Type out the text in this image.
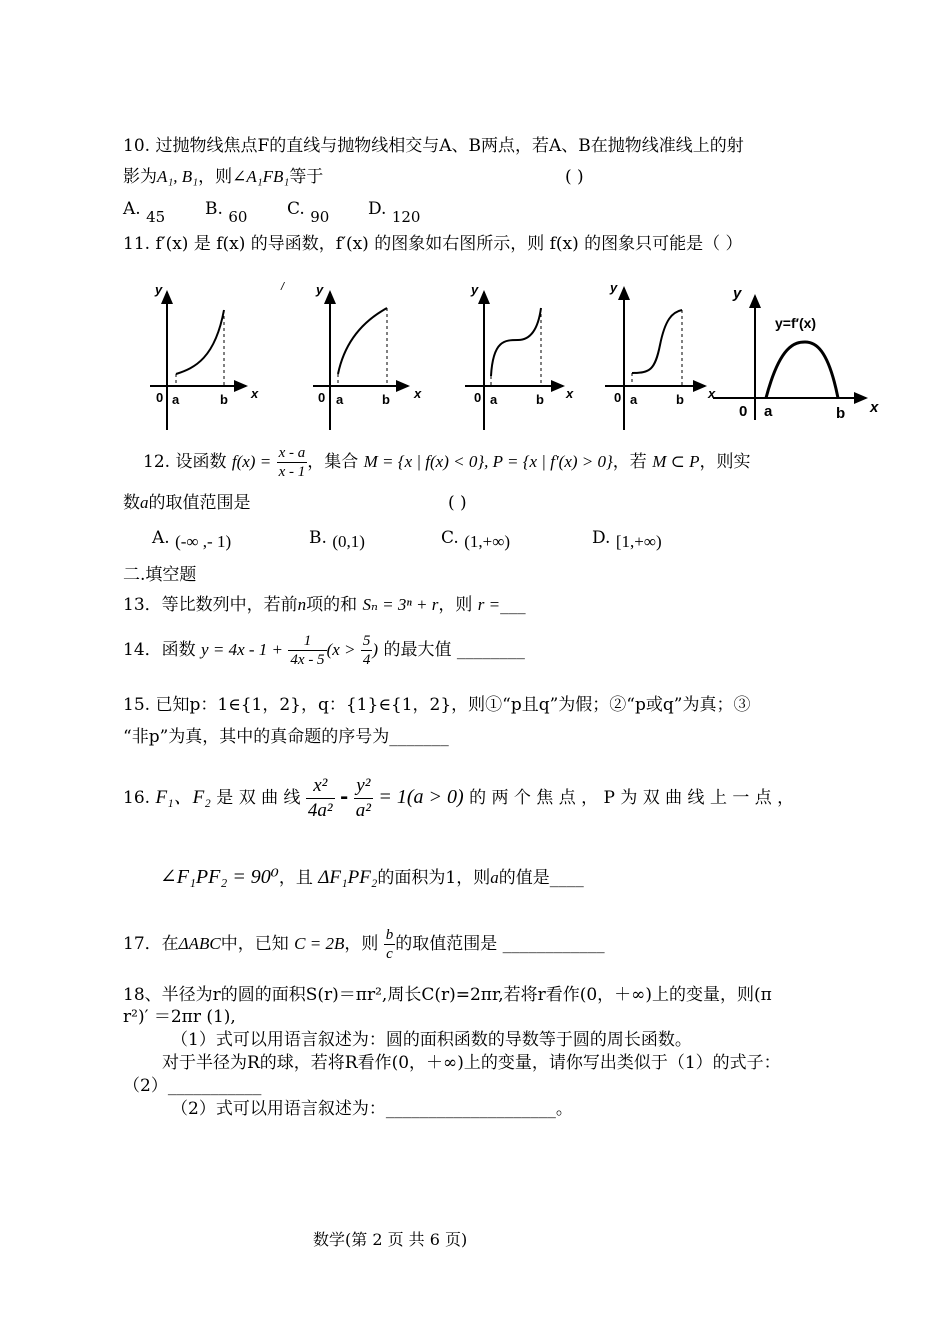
10. 过抛物线焦点F的直线与抛物线相交与A、B两点，若A、B在抛物线准线上的射
影为A₁, B₁，则∠A₁FB₁等于	( )
A. 45 B. 60 C. 90 D. 120
11. f′(x) 是 f(x) 的导函数，f′(x) 的图象如右图所示，则 f(x) 的图象只可能是（ ）
y
0 a	b x
/ y
0 a	b x
y
0 a	b x
y
0 a	b x
y
y=f′(x)
0 a	b x
12. 设函数 $f(x) = \frac{x - a}{x - 1}$ ，集合 M = {x | f(x) < 0}, P = {x | f′(x) > 0}，若 M ⊂ P，则实
数a的取值范围是	( )
A. (-∞ ,- 1)	B. (0,1)	C. (1,+∞)	D. [1,+∞)
二.填空题
13．等比数列中，若前n项的和 Sₙ = 3ⁿ + r，则 r =___
14．函数 $y = 4x - 1 + \frac{1}{4x - 5} (x > \frac{5}{4}$ ) 的最大值 ________
15. 已知p：1∈{1，2}，q：{1}∈{1，2}，则①“p且q”为假；②“p或q”为真；③
“非p”为真，其中的真命题的序号为_______
16. F₁、F₂ 是 双 曲 线 $\frac{\text{x²}}{\text{4a²}} - \frac{\text{y²}}{\text{a²}} = 1(a > 0)$ 的 两 个 焦 点 ， P 为 双 曲 线 上 一 点 ，
∠F₁PF₂ = 90⁰，且 ΔF₁PF₂的面积为1，则a的值是____
17．在ΔABC中，已知 C = 2B，则 $\frac{b}{c}$ 的取值范围是 ____________
18、半径为r的圆的面积S(r)＝πr²,周长C(r)=2πr,若将r看作(0，＋∞)上的变量，则(π
r²)′ ＝2πr (1),
（1）式可以用语言叙述为：圆的面积函数的导数等于圆的周长函数。
对于半径为R的球，若将R看作(0，＋∞)上的变量，请你写出类似于（1）的式子：
（2）___________
（2）式可以用语言叙述为：____________________。
数学(第 2 页 共 6 页)
